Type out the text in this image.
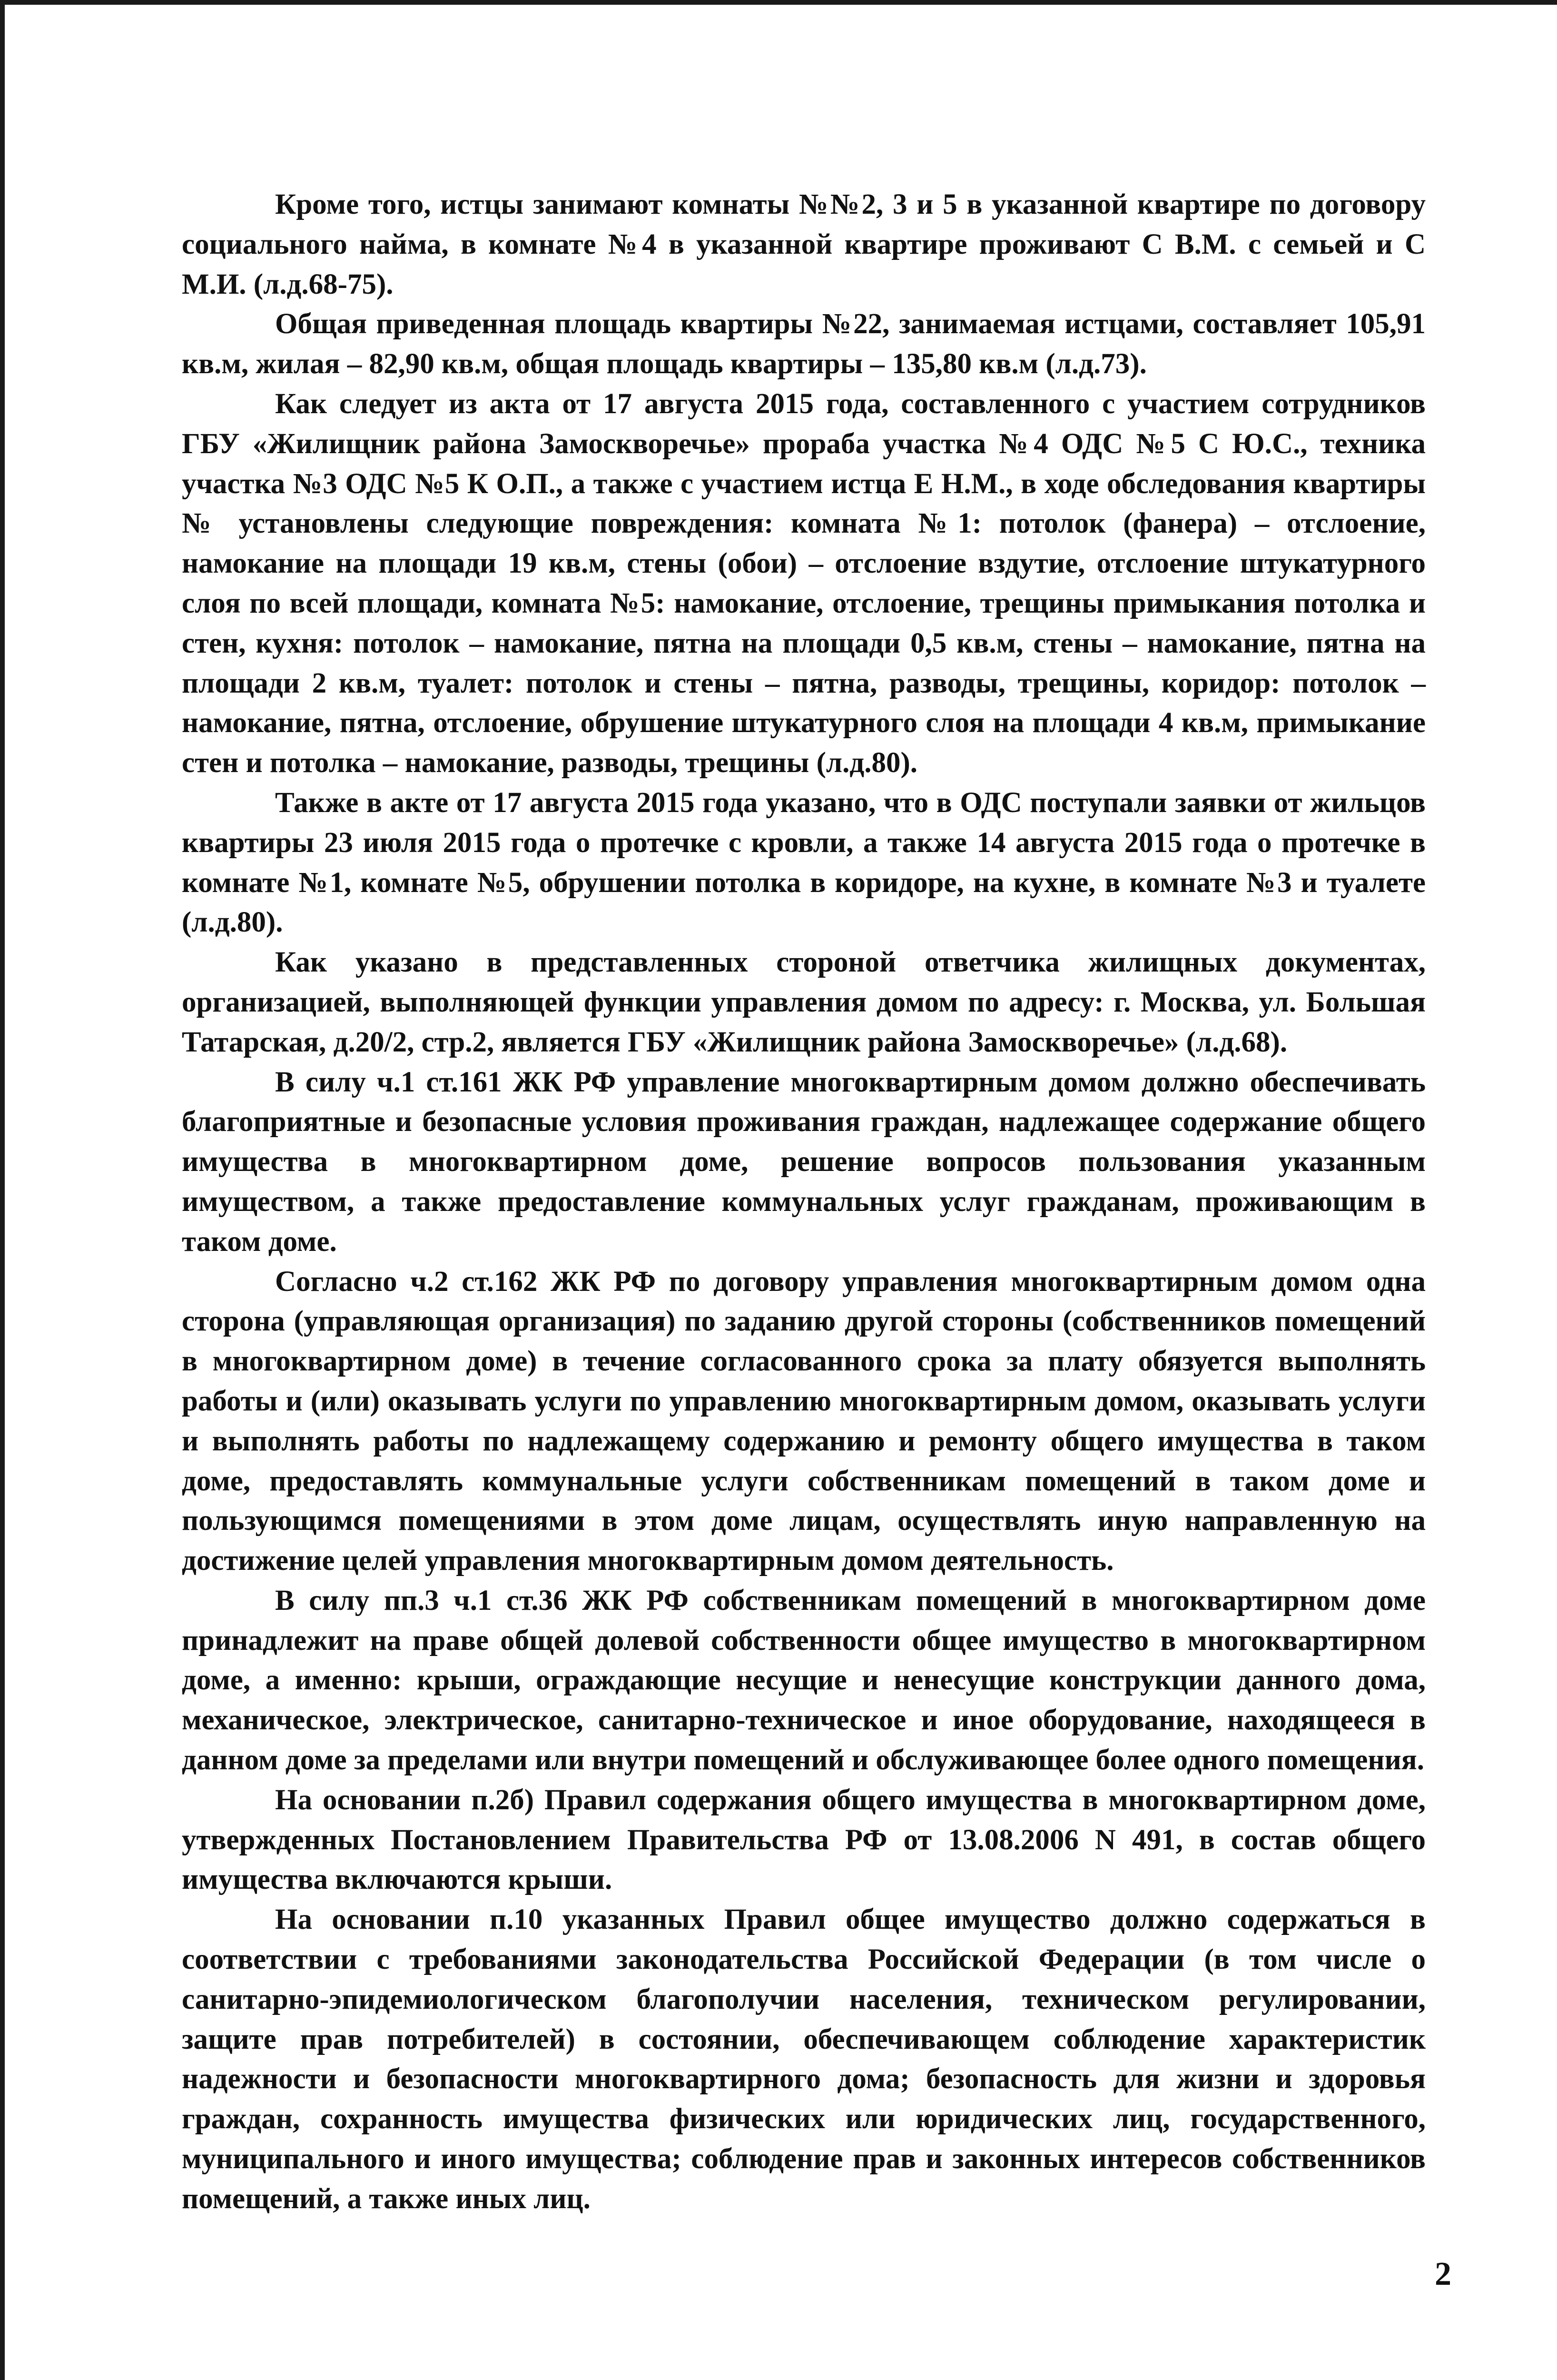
Кроме того, истцы занимают комнаты №№2, 3 и 5 в указанной квартире по договору социального найма, в комнате №4 в указанной квартире проживают С В.М. с семьей и С М.И. (л.д.68-75).

Общая приведенная площадь квартиры №22, занимаемая истцами, составляет 105,91 кв.м, жилая – 82,90 кв.м, общая площадь квартиры – 135,80 кв.м (л.д.73).

Как следует из акта от 17 августа 2015 года, составленного с участием сотрудников ГБУ «Жилищник района Замоскворечье» прораба участка №4 ОДС №5 С Ю.С., техника участка №3 ОДС №5 К О.П., а также с участием истца Е Н.М., в ходе обследования квартиры № установлены следующие повреждения: комната №1: потолок (фанера) – отслоение, намокание на площади 19 кв.м, стены (обои) – отслоение вздутие, отслоение штукатурного слоя по всей площади, комната №5: намокание, отслоение, трещины примыкания потолка и стен, кухня: потолок – намокание, пятна на площади 0,5 кв.м, стены – намокание, пятна на площади 2 кв.м, туалет: потолок и стены – пятна, разводы, трещины, коридор: потолок – намокание, пятна, отслоение, обрушение штукатурного слоя на площади 4 кв.м, примыкание стен и потолка – намокание, разводы, трещины (л.д.80).

Также в акте от 17 августа 2015 года указано, что в ОДС поступали заявки от жильцов квартиры 23 июля 2015 года о протечке с кровли, а также 14 августа 2015 года о протечке в комнате №1, комнате №5, обрушении потолка в коридоре, на кухне, в комнате №3 и туалете (л.д.80).

Как указано в представленных стороной ответчика жилищных документах, организацией, выполняющей функции управления домом по адресу: г. Москва, ул. Большая Татарская, д.20/2, стр.2, является ГБУ «Жилищник района Замоскворечье» (л.д.68).

В силу ч.1 ст.161 ЖК РФ управление многоквартирным домом должно обеспечивать благоприятные и безопасные условия проживания граждан, надлежащее содержание общего имущества в многоквартирном доме, решение вопросов пользования указанным имуществом, а также предоставление коммунальных услуг гражданам, проживающим в таком доме.

Согласно ч.2 ст.162 ЖК РФ по договору управления многоквартирным домом одна сторона (управляющая организация) по заданию другой стороны (собственников помещений в многоквартирном доме) в течение согласованного срока за плату обязуется выполнять работы и (или) оказывать услуги по управлению многоквартирным домом, оказывать услуги и выполнять работы по надлежащему содержанию и ремонту общего имущества в таком доме, предоставлять коммунальные услуги собственникам помещений в таком доме и пользующимся помещениями в этом доме лицам, осуществлять иную направленную на достижение целей управления многоквартирным домом деятельность.

В силу пп.3 ч.1 ст.36 ЖК РФ собственникам помещений в многоквартирном доме принадлежит на праве общей долевой собственности общее имущество в многоквартирном доме, а именно: крыши, ограждающие несущие и ненесущие конструкции данного дома, механическое, электрическое, санитарно-техническое и иное оборудование, находящееся в данном доме за пределами или внутри помещений и обслуживающее более одного помещения.

На основании п.2б) Правил содержания общего имущества в многоквартирном доме, утвержденных Постановлением Правительства РФ от 13.08.2006 N 491, в состав общего имущества включаются крыши.

На основании п.10 указанных Правил общее имущество должно содержаться в соответствии с требованиями законодательства Российской Федерации (в том числе о санитарно-эпидемиологическом благополучии населения, техническом регулировании, защите прав потребителей) в состоянии, обеспечивающем соблюдение характеристик надежности и безопасности многоквартирного дома; безопасность для жизни и здоровья граждан, сохранность имущества физических или юридических лиц, государственного, муниципального и иного имущества; соблюдение прав и законных интересов собственников помещений, а также иных лиц.

2
